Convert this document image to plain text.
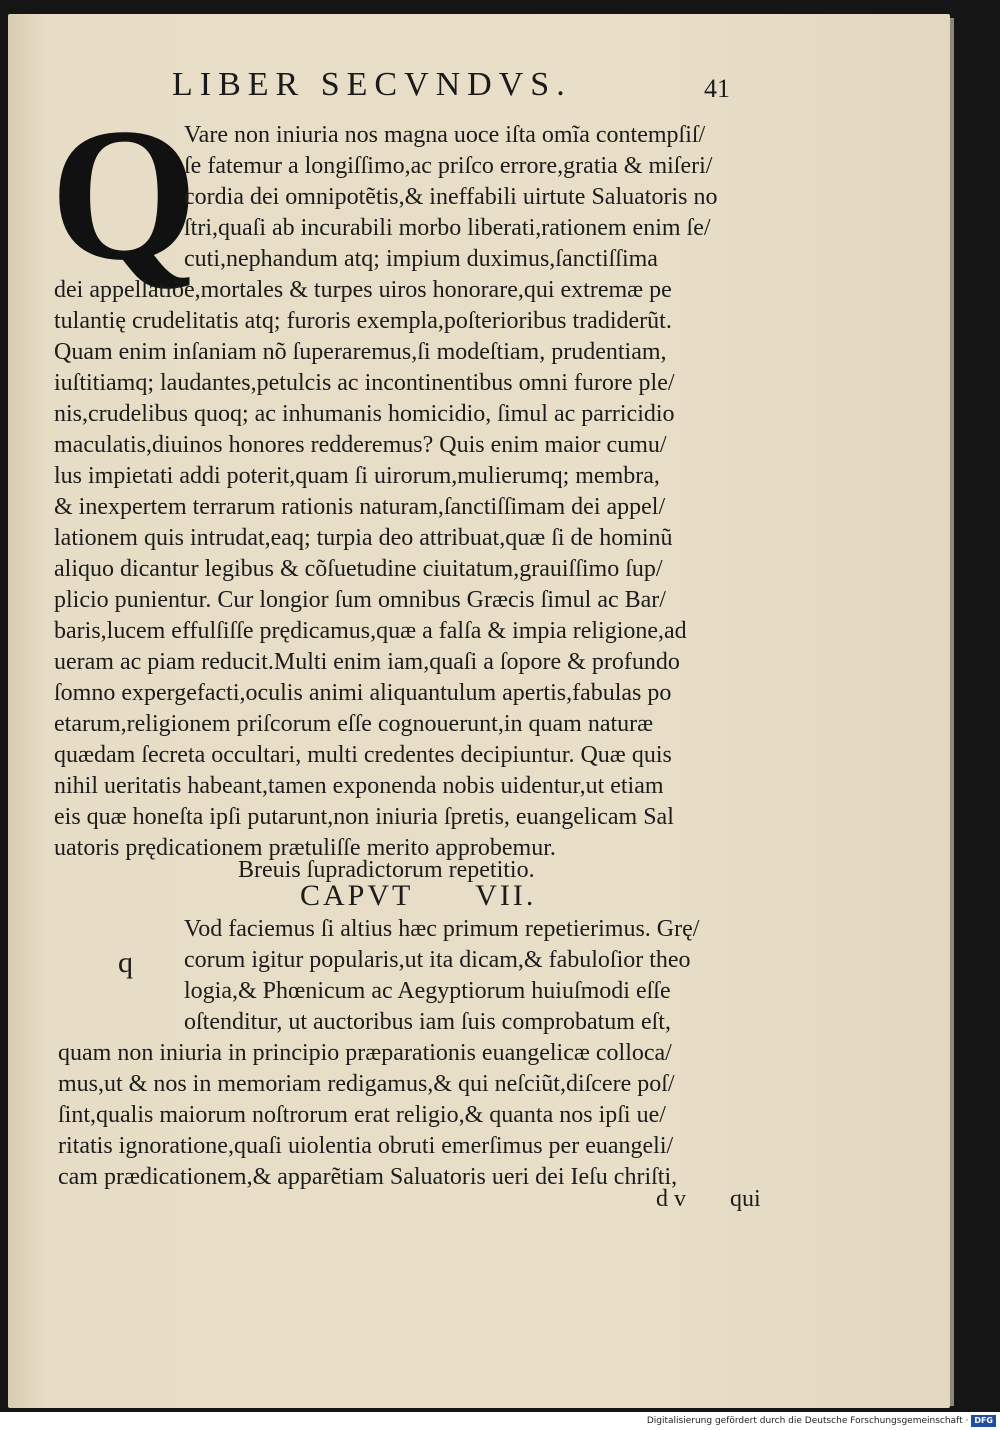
LIBER SECVNDVS.	41
Q
Vare non iniuria nos magna uoce iſta omĩa contempſiſ/
ſe fatemur a longiſſimo,ac priſco errore,gratia & miſeri/
cordia dei omnipotẽtis,& ineffabili uirtute Saluatoris no
ſtri,quaſi ab incurabili morbo liberati,rationem enim ſe/
cuti,nephandum atq; impium duximus,ſanctiſſima
dei appellatiõe,mortales & turpes uiros honorare,qui extremæ pe
tulantię crudelitatis atq; furoris exempla,poſterioribus tradiderũt.
Quam enim inſaniam nõ ſuperaremus,ſi modeſtiam, prudentiam,
iuſtitiamq; laudantes,petulcis ac incontinentibus omni furore ple/
nis,crudelibus quoq; ac inhumanis homicidio, ſimul ac parricidio
maculatis,diuinos honores redderemus? Quis enim maior cumu/
lus impietati addi poterit,quam ſi uirorum,mulierumq; membra,
& inexpertem terrarum rationis naturam,ſanctiſſimam dei appel/
lationem quis intrudat,eaq; turpia deo attribuat,quæ ſi de hominũ
aliquo dicantur legibus & cõſuetudine ciuitatum,grauiſſimo ſup/
plicio punientur. Cur longior ſum omnibus Græcis ſimul ac Bar/
baris,lucem effulſiſſe prędicamus,quæ a falſa & impia religione,ad
ueram ac piam reducit.Multi enim iam,quaſi a ſopore & profundo
ſomno expergefacti,oculis animi aliquantulum apertis,fabulas po
etarum,religionem priſcorum eſſe cognouerunt,in quam naturæ
quædam ſecreta occultari, multi credentes decipiuntur. Quæ quis
nihil ueritatis habeant,tamen exponenda nobis uidentur,ut etiam
eis quæ honeſta ipſi putarunt,non iniuria ſpretis, euangelicam Sal
uatoris prędicationem prætuliſſe merito approbemur.
Breuis ſupradictorum repetitio.
CAPVT      VII.
q
Vod faciemus ſi altius hæc primum repetierimus. Grę/
corum igitur popularis,ut ita dicam,& fabuloſior theo
logia,& Phœnicum ac Aegyptiorum huiuſmodi eſſe
oſtenditur, ut auctoribus iam ſuis comprobatum eſt,
quam non iniuria in principio præparationis euangelicæ colloca/
mus,ut & nos in memoriam redigamus,& qui neſciũt,diſcere poſ/
ſint,qualis maiorum noſtrorum erat religio,& quanta nos ipſi ue/
ritatis ignoratione,quaſi uiolentia obruti emerſimus per euangeli/
cam prædicationem,& apparẽtiam Saluatoris ueri dei Ieſu chriſti,
d v qui
Digitalisierung gefördert durch die Deutsche Forschungsgemeinschaft · DFG
